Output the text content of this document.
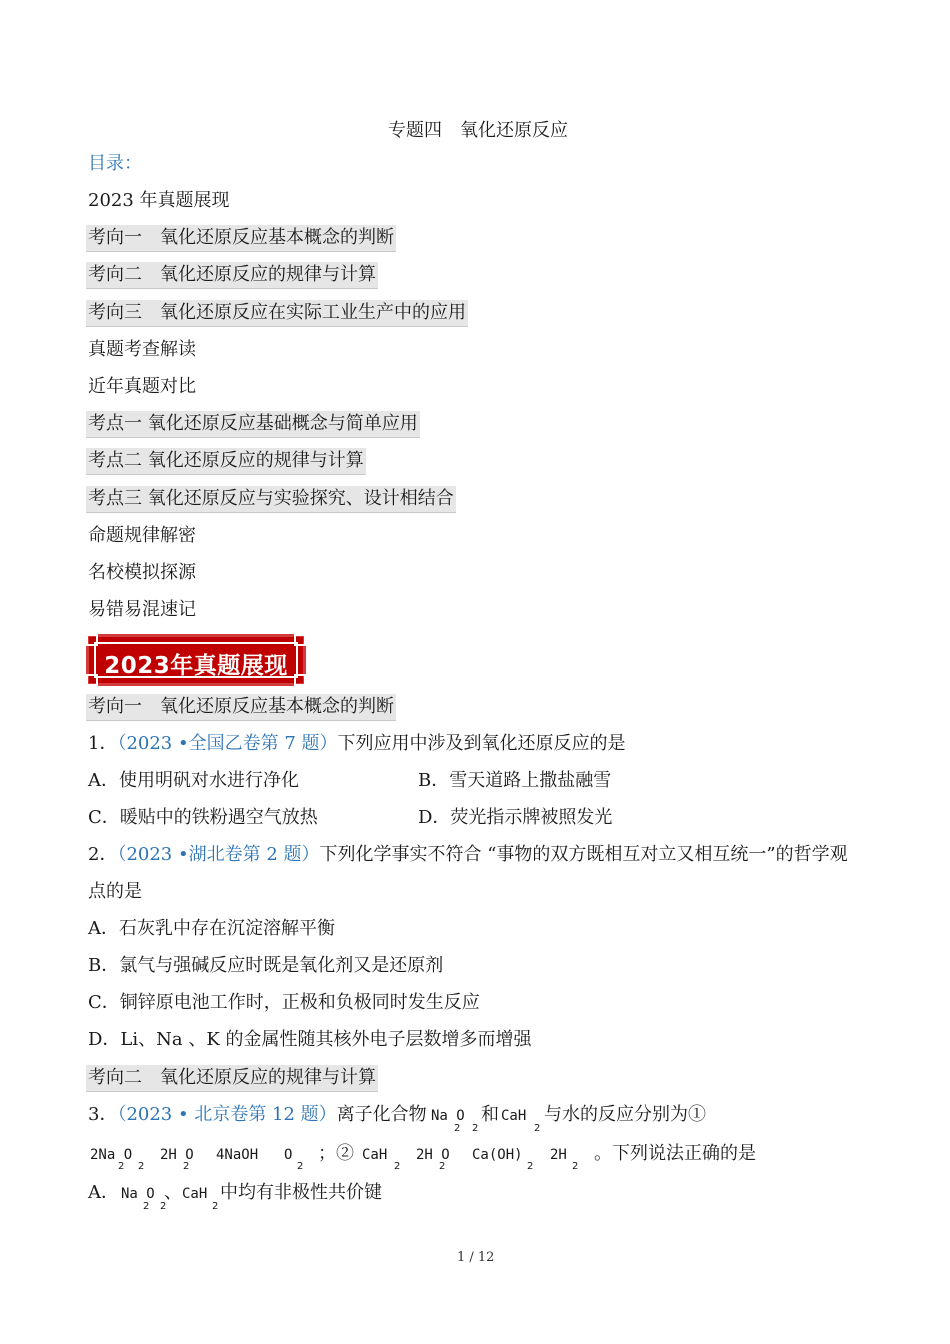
专题四　氧化还原反应
目录：
2023 年真题展现
考向一　氧化还原反应基本概念的判断
考向二　氧化还原反应的规律与计算
考向三　氧化还原反应在实际工业生产中的应用
真题考查解读
近年真题对比
考点一 氧化还原反应基础概念与简单应用
考点二 氧化还原反应的规律与计算
考点三 氧化还原反应与实验探究、设计相结合
命题规律解密
名校模拟探源
易错易混速记
2023年真题展现
考向一　氧化还原反应基本概念的判断
1．（2023 •全国乙卷第 7 题）下列应用中涉及到氧化还原反应的是
A．使用明矾对水进行净化	B．雪天道路上撒盐融雪
C．暖贴中的铁粉遇空气放热	D．荧光指示牌被照发光
2．（2023 •湖北卷第 2 题）下列化学事实不符合 “事物的双方既相互对立又相互统一”的哲学观
点的是
A．石灰乳中存在沉淀溶解平衡
B．氯气与强碱反应时既是氧化剂又是还原剂
C．铜锌原电池工作时，正极和负极同时发生反应
D．Li、Na 、K 的金属性随其核外电子层数增多而增强
考向二　氧化还原反应的规律与计算
3．（2023 • 北京卷第 12 题）离子化合物 Na O
2 2
和 CaH
2
与水的反应分别为①
2Na O
2 2
2H O
2
4NaOH O
2
；② CaH
2
2H O
2
Ca(OH)
2
2H
2
。下列说法正确的是
A． Na O
2 2
、 CaH
2
中均有非极性共价键
1 / 12
